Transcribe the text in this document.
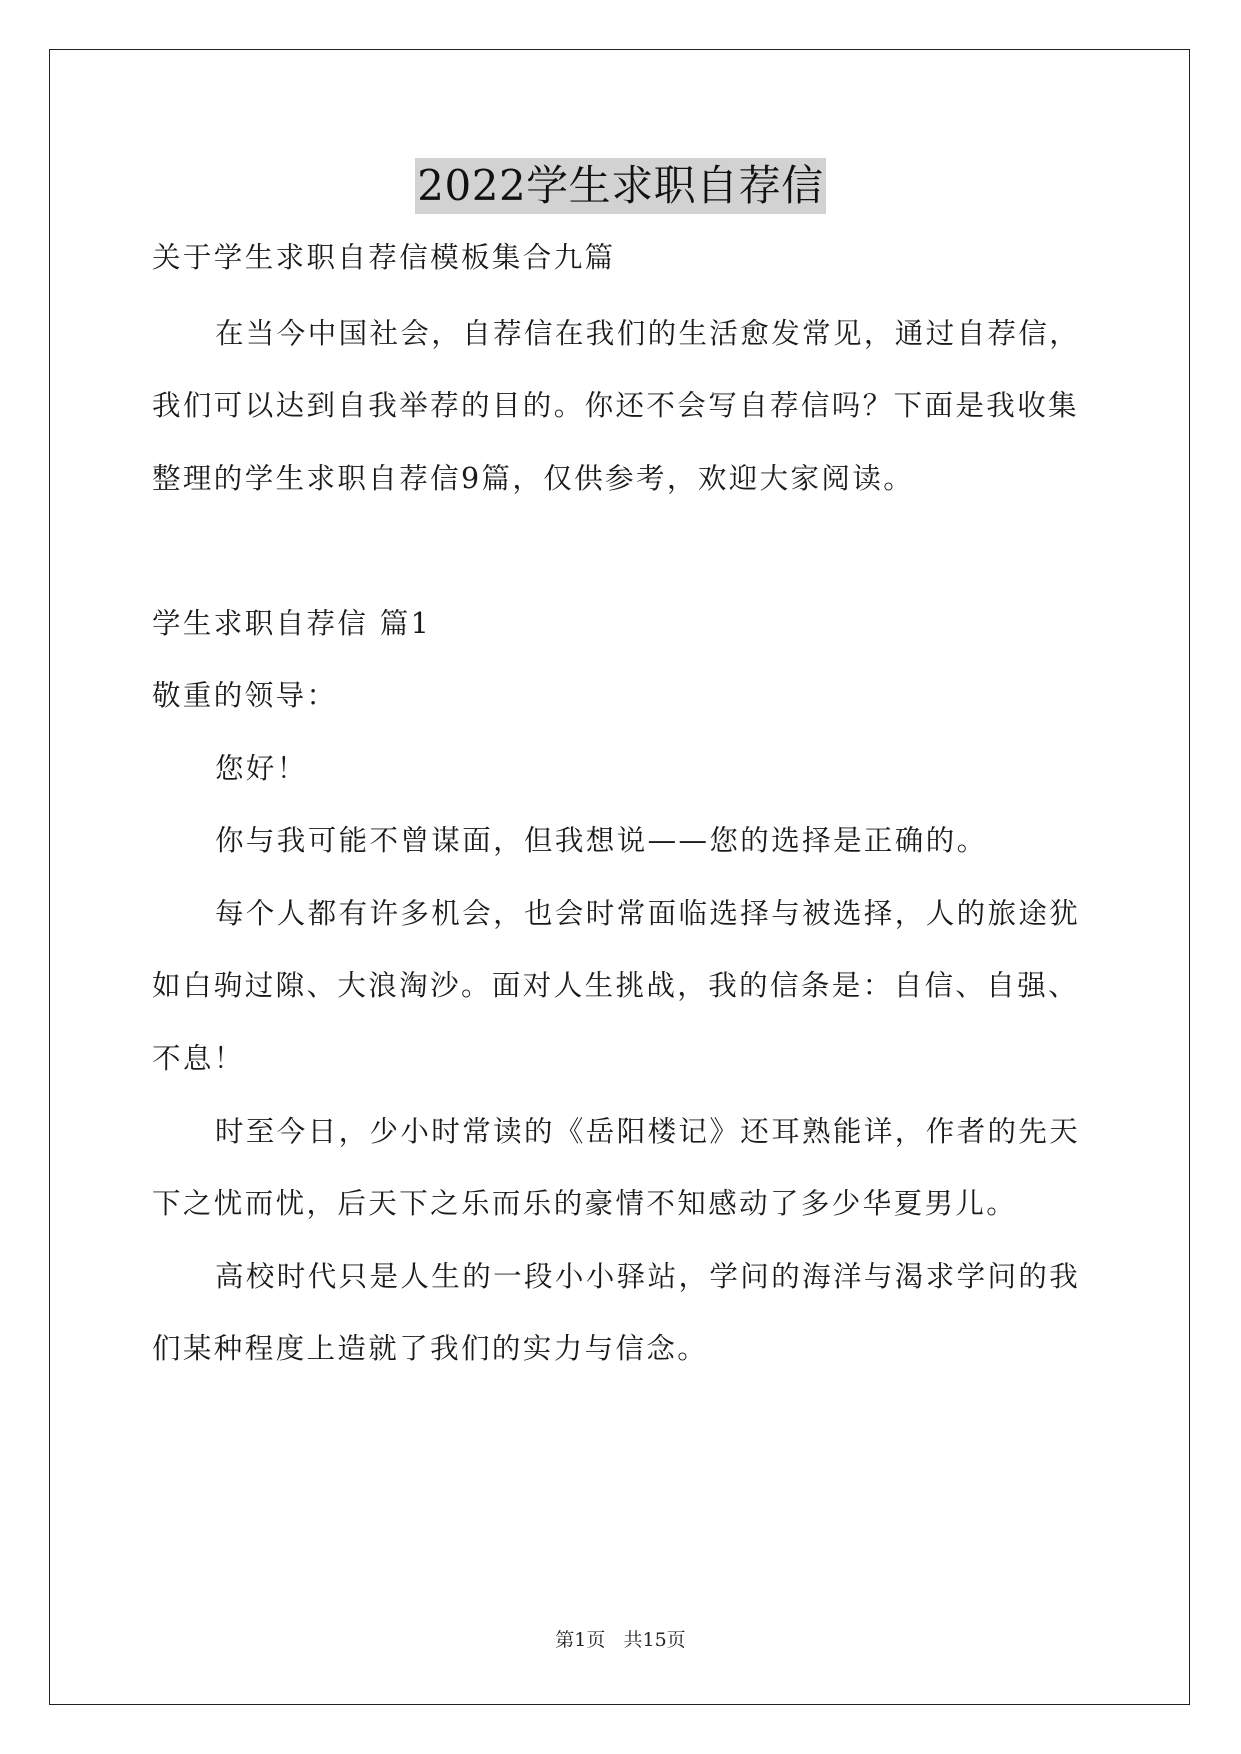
2022学生求职自荐信
关于学生求职自荐信模板集合九篇
在当今中国社会，自荐信在我们的生活愈发常见，通过自荐信，
我们可以达到自我举荐的目的。你还不会写自荐信吗？下面是我收集
整理的学生求职自荐信9篇，仅供参考，欢迎大家阅读。
学生求职自荐信 篇1
敬重的领导：
您好！
你与我可能不曾谋面，但我想说——您的选择是正确的。
每个人都有许多机会，也会时常面临选择与被选择，人的旅途犹
如白驹过隙、大浪淘沙。面对人生挑战，我的信条是：自信、自强、
不息！
时至今日，少小时常读的《岳阳楼记》还耳熟能详，作者的先天
下之忧而忧，后天下之乐而乐的豪情不知感动了多少华夏男儿。
高校时代只是人生的一段小小驿站，学问的海洋与渴求学问的我
们某种程度上造就了我们的实力与信念。
第1页   共15页
